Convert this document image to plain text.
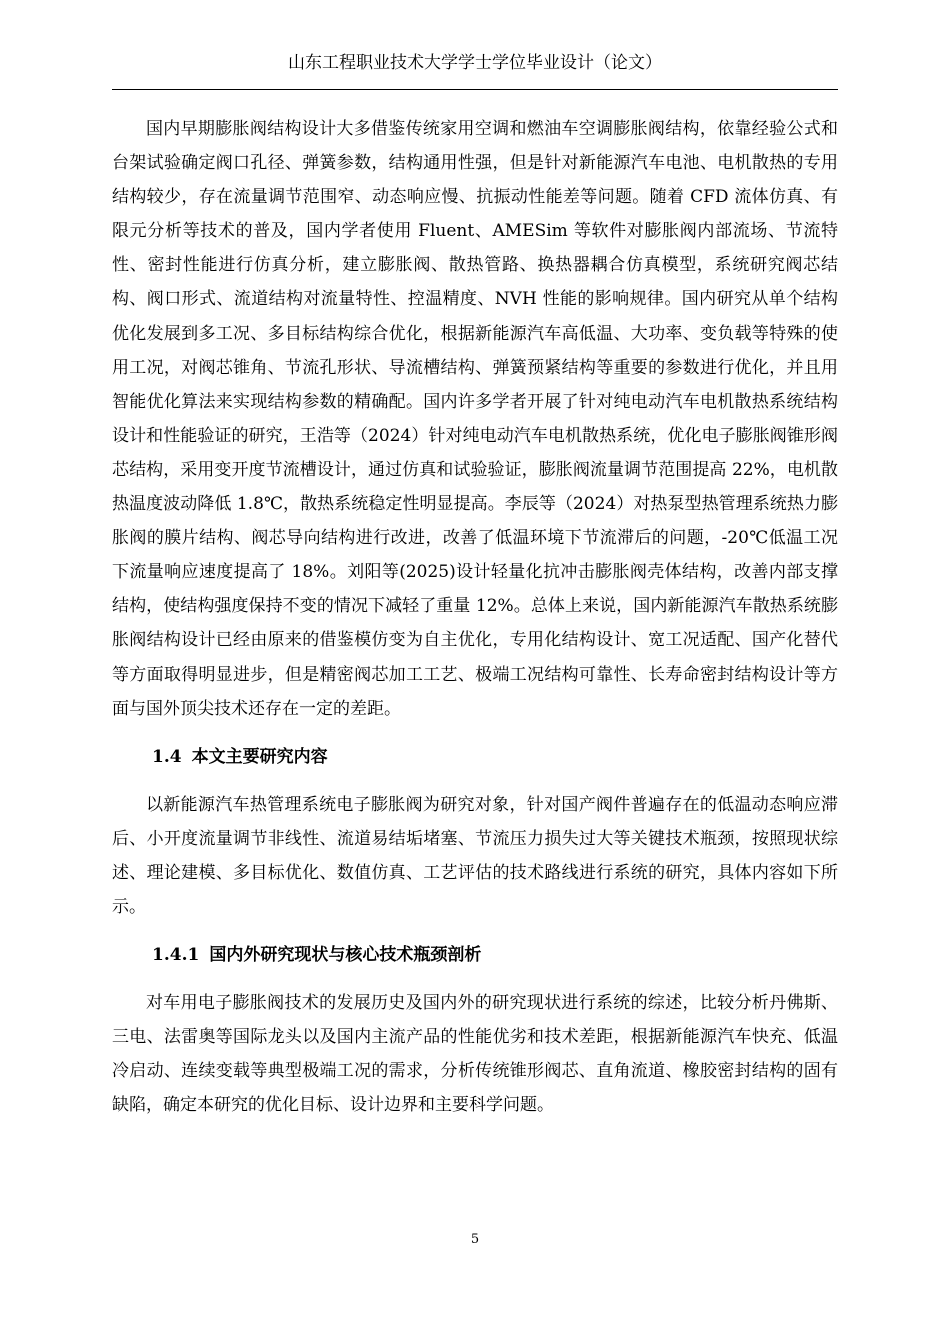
山东工程职业技术大学学士学位毕业设计（论文）

国内早期膨胀阀结构设计大多借鉴传统家用空调和燃油车空调膨胀阀结构，依靠经验公式和台架试验确定阀口孔径、弹簧参数，结构通用性强，但是针对新能源汽车电池、电机散热的专用结构较少，存在流量调节范围窄、动态响应慢、抗振动性能差等问题。随着 CFD 流体仿真、有限元分析等技术的普及，国内学者使用 Fluent、AMESim 等软件对膨胀阀内部流场、节流特性、密封性能进行仿真分析，建立膨胀阀、散热管路、换热器耦合仿真模型，系统研究阀芯结构、阀口形式、流道结构对流量特性、控温精度、NVH 性能的影响规律。国内研究从单个结构优化发展到多工况、多目标结构综合优化，根据新能源汽车高低温、大功率、变负载等特殊的使用工况，对阀芯锥角、节流孔形状、导流槽结构、弹簧预紧结构等重要的参数进行优化，并且用智能优化算法来实现结构参数的精确配。国内许多学者开展了针对纯电动汽车电机散热系统结构设计和性能验证的研究，王浩等（2024）针对纯电动汽车电机散热系统，优化电子膨胀阀锥形阀芯结构，采用变开度节流槽设计，通过仿真和试验验证，膨胀阀流量调节范围提高 22%，电机散热温度波动降低 1.8℃，散热系统稳定性明显提高。李辰等（2024）对热泵型热管理系统热力膨胀阀的膜片结构、阀芯导向结构进行改进，改善了低温环境下节流滞后的问题，-20℃低温工况下流量响应速度提高了 18%。刘阳等(2025)设计轻量化抗冲击膨胀阀壳体结构，改善内部支撑结构，使结构强度保持不变的情况下减轻了重量 12%。总体上来说，国内新能源汽车散热系统膨胀阀结构设计已经由原来的借鉴模仿变为自主优化，专用化结构设计、宽工况适配、国产化替代等方面取得明显进步，但是精密阀芯加工工艺、极端工况结构可靠性、长寿命密封结构设计等方面与国外顶尖技术还存在一定的差距。

1.4 本文主要研究内容

以新能源汽车热管理系统电子膨胀阀为研究对象，针对国产阀件普遍存在的低温动态响应滞后、小开度流量调节非线性、流道易结垢堵塞、节流压力损失过大等关键技术瓶颈，按照现状综述、理论建模、多目标优化、数值仿真、工艺评估的技术路线进行系统的研究，具体内容如下所示。

1.4.1 国内外研究现状与核心技术瓶颈剖析

对车用电子膨胀阀技术的发展历史及国内外的研究现状进行系统的综述，比较分析丹佛斯、三电、法雷奥等国际龙头以及国内主流产品的性能优劣和技术差距，根据新能源汽车快充、低温冷启动、连续变载等典型极端工况的需求，分析传统锥形阀芯、直角流道、橡胶密封结构的固有缺陷，确定本研究的优化目标、设计边界和主要科学问题。

5
